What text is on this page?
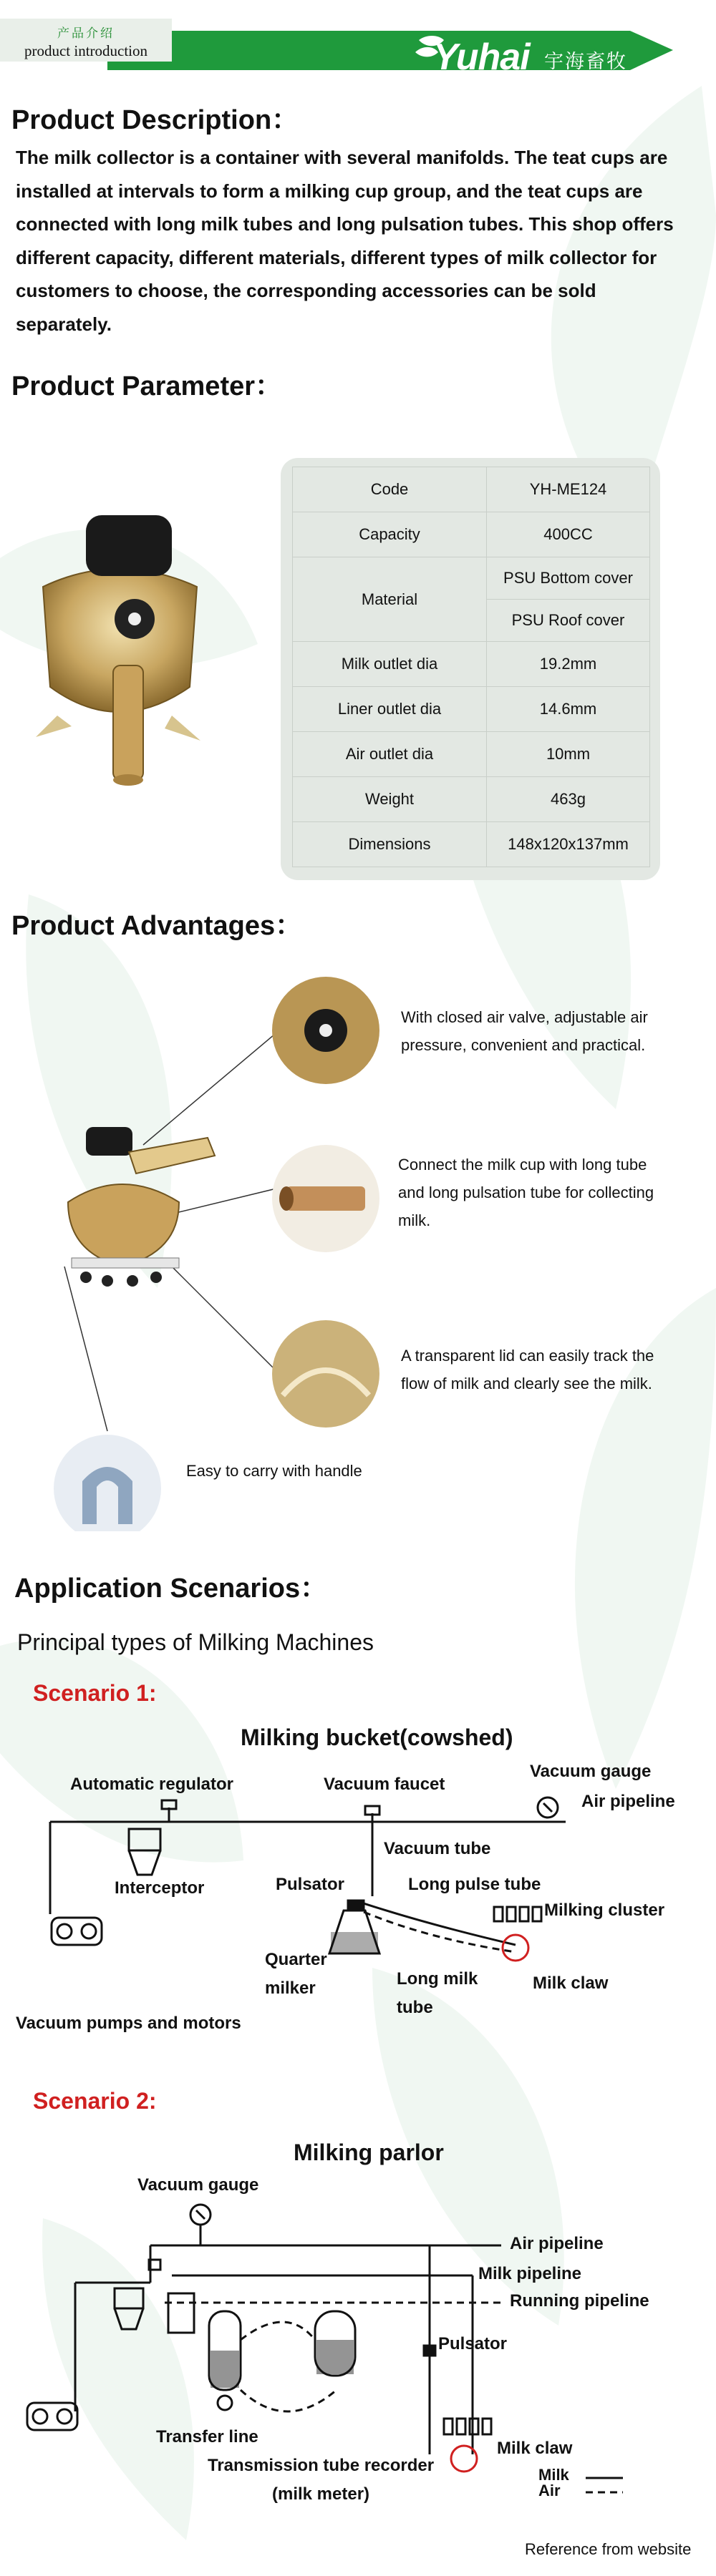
产品介绍
product introduction	Yuhai 宇海畜牧
Product Description：
The milk collector is a container with several manifolds. The teat cups are installed at intervals to form a milking cup group, and the teat cups are connected with long milk tubes and long pulsation tubes. This shop offers different capacity, different materials, different types of milk collector for customers to choose, the corresponding accessories can be sold separately.
Product Parameter：
Code	YH-ME124
Capacity	400CC
Material	PSU Bottom cover
	PSU Roof cover
Milk outlet dia	19.2mm
Liner outlet dia	14.6mm
Air outlet dia	10mm
Weight	463g
Dimensions	148x120x137mm
Product Advantages：
With closed air valve, adjustable air
pressure, convenient and practical.
Connect the milk cup with long tube
and long pulsation tube for collecting
milk.
A transparent lid can easily track the
flow of milk and clearly see the milk.
Easy to carry with handle
Application Scenarios：
Principal types of Milking Machines
Scenario 1:
Milking bucket(cowshed)
Automatic regulator	Vacuum faucet
Vacuum gauge
Air pipeline
Interceptor
Vacuum tube
Pulsator	Long pulse tube
Milking cluster
Quarter
milker	Long milk
tube
Milk claw
Vacuum pumps and motors
Scenario 2:
Milking parlor
Vacuum gauge
Air pipeline
Milk pipeline
Running pipeline
Pulsator
Transfer line
Milk claw
Transmission tube recorder
(milk meter)
Milk
Air
Reference from website
